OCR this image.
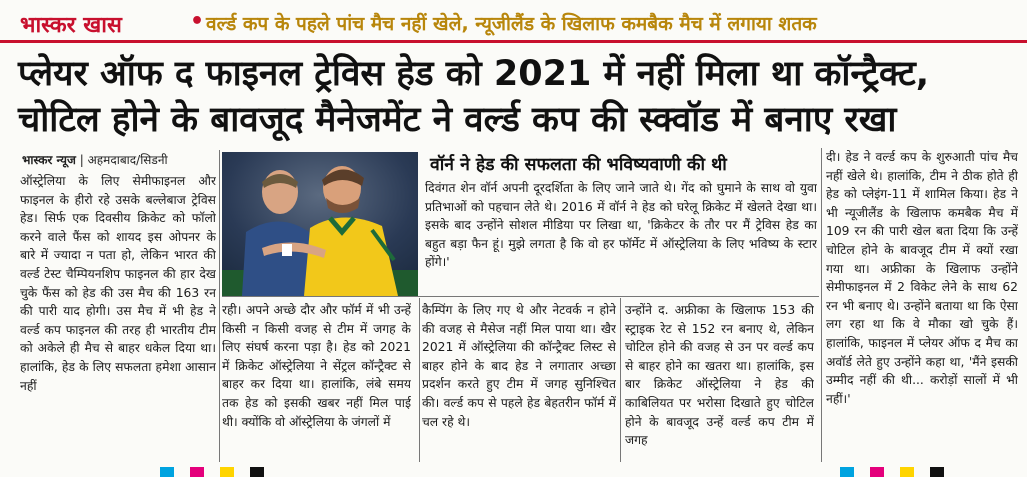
भास्कर खास	• वर्ल्ड कप के पहले पांच मैच नहीं खेले, न्यूजीलैंड के खिलाफ कमबैक मैच में लगाया शतक
प्लेयर ऑफ द फाइनल ट्रेविस हेड को 2021 में नहीं मिला था कॉन्ट्रैक्ट,
चोटिल होने के बावजूद मैनेजमेंट ने वर्ल्ड कप की स्क्वॉड में बनाए रखा
भास्कर न्यूज | अहमदाबाद/सिडनी
ऑस्ट्रेलिया के लिए सेमीफाइनल और फाइनल के हीरो रहे उसके बल्लेबाज ट्रेविस हेड। सिर्फ एक दिवसीय क्रिकेट को फॉलो करने वाले फैंस को शायद इस ओपनर के बारे में ज्यादा न पता हो, लेकिन भारत की वर्ल्ड टेस्ट चैम्पियनशिप फाइनल की हार देख चुके फैंस को हेड की उस मैच की 163 रन की पारी याद होगी। उस मैच में भी हेड ने वर्ल्ड कप फाइनल की तरह ही भारतीय टीम को अकेले ही मैच से बाहर धकेल दिया था। हालांकि, हेड के लिए सफलता हमेशा आसान नहीं
वॉर्न ने हेड की सफलता की भविष्यवाणी की थी
दिवंगत शेन वॉर्न अपनी दूरदर्शिता के लिए जाने जाते थे। गेंद को घुमाने के साथ वो युवा प्रतिभाओं को पहचान लेते थे। 2016 में वॉर्न ने हेड को घरेलू क्रिकेट में खेलते देखा था। इसके बाद उन्होंने सोशल मीडिया पर लिखा था, 'क्रिकेटर के तौर पर मैं ट्रेविस हेड का बहुत बड़ा फैन हूं। मुझे लगता है कि वो हर फॉर्मेट में ऑस्ट्रेलिया के लिए भविष्य के स्टार होंगे।'
रही। अपने अच्छे दौर और फॉर्म में भी उन्हें किसी न किसी वजह से टीम में जगह के लिए संघर्ष करना पड़ा है। हेड को 2021 में क्रिकेट ऑस्ट्रेलिया ने सेंट्रल कॉन्ट्रैक्ट से बाहर कर दिया था। हालांकि, लंबे समय तक हेड को इसकी खबर नहीं मिल पाई थी। क्योंकि वो ऑस्ट्रेलिया के जंगलों में
कैम्पिंग के लिए गए थे और नेटवर्क न होने की वजह से मैसेज नहीं मिल पाया था। खैर 2021 में ऑस्ट्रेलिया की कॉन्ट्रैक्ट लिस्ट से बाहर होने के बाद हेड ने लगातार अच्छा प्रदर्शन करते हुए टीम में जगह सुनिश्चित की। वर्ल्ड कप से पहले हेड बेहतरीन फॉर्म में चल रहे थे।
उन्होंने द. अफ्रीका के खिलाफ 153 की स्ट्राइक रेट से 152 रन बनाए थे, लेकिन चोटिल होने की वजह से उन पर वर्ल्ड कप से बाहर होने का खतरा था। हालांकि, इस बार क्रिकेट ऑस्ट्रेलिया ने हेड की काबिलियत पर भरोसा दिखाते हुए चोटिल होने के बावजूद उन्हें वर्ल्ड कप टीम में जगह
दी। हेड ने वर्ल्ड कप के शुरुआती पांच मैच नहीं खेले थे। हालांकि, टीम ने ठीक होते ही हेड को प्लेइंग-11 में शामिल किया। हेड ने भी न्यूजीलैंड के खिलाफ कमबैक मैच में 109 रन की पारी खेल बता दिया कि उन्हें चोटिल होने के बावजूद टीम में क्यों रखा गया था। अफ्रीका के खिलाफ उन्होंने सेमीफाइनल में 2 विकेट लेने के साथ 62 रन भी बनाए थे। उन्होंने बताया था कि ऐसा लग रहा था कि वे मौका खो चुके हैं। हालांकि, फाइनल में प्लेयर ऑफ द मैच का अवॉर्ड लेते हुए उन्होंने कहा था, 'मैंने इसकी उम्मीद नहीं की थी... करोड़ों सालों में भी नहीं।'
